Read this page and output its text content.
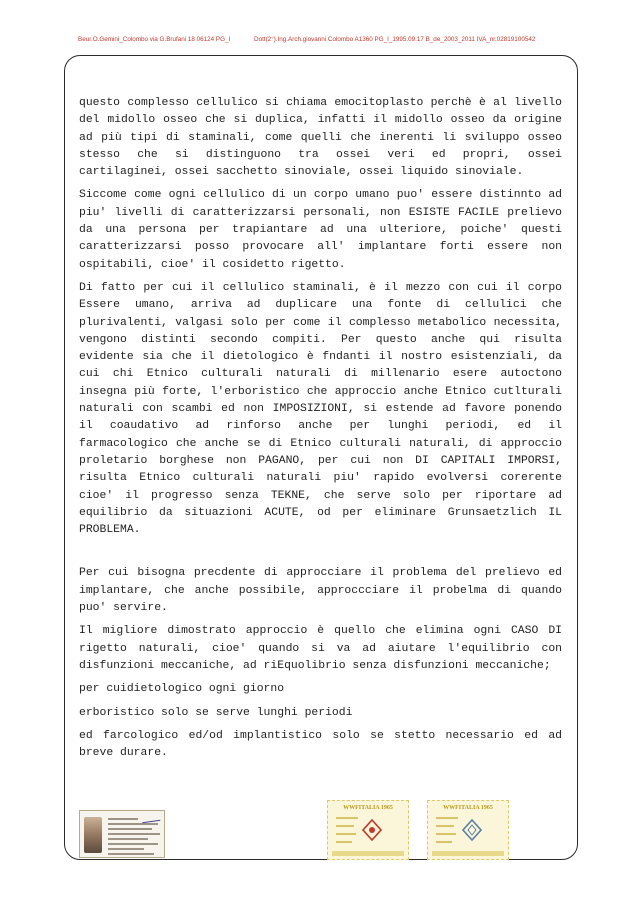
Beur.O.Gemini_Colombo via G.Brufani 18 06124 PG_I	Dott(2°).Ing.Arch.giovanni Colombo A1360 PG_I_1995.09.17 B_de_2003_2011 IVA_nr.02819100542

questo complesso cellulico si chiama emocitoplasto perchè è al livello del midollo osseo che si duplica, infatti il midollo osseo da origine ad più tipi di staminali, come quelli che inerenti li sviluppo osseo stesso che si distinguono tra ossei veri ed propri, ossei cartilaginei, ossei sacchetto sinoviale, ossei liquido sinoviale.

Siccome come ogni cellulico di un corpo umano puo' essere distinnto ad piu' livelli di caratterizzarsi personali, non ESISTE FACILE prelievo da una persona per trapiantare ad una ulteriore, poiche' questi caratterizzarsi posso provocare all' implantare forti essere non ospitabili, cioe' il cosidetto rigetto.

Di fatto per cui il cellulico staminali, è il mezzo con cui il corpo Essere umano, arriva ad duplicare una fonte di cellulici che plurivalenti, valgasi solo per come il complesso metabolico necessita, vengono distinti secondo compiti. Per questo anche qui risulta evidente sia che il dietologico è fndanti il nostro esistenziali, da cui chi Etnico culturali naturali di millenario esere autoctono insegna più forte, l'erboristico che approccio anche Etnico cutlturali naturali con scambi ed non IMPOSIZIONI, si estende ad favore ponendo il coaudativo ad rinforso anche per lunghi periodi, ed il farmacologico che anche se di Etnico culturali naturali, di approccio proletario borghese non PAGANO, per cui non DI CAPITALI IMPORSI, risulta Etnico culturali naturali piu' rapido evolversi corerente cioe' il progresso senza TEKNE, che serve solo per riportare ad equilibrio da situazioni ACUTE, od per eliminare Grunsaetzlich IL PROBLEMA.

Per cui bisogna precdente di approcciare il problema del prelievo ed implantare, che anche possibile, approccciare il probelma di quando puo' servire.

Il migliore dimostrato approccio è quello che elimina ogni CASO DI rigetto naturali, cioe' quando si va ad aiutare l'equilibrio con disfunzioni meccaniche, ad riEquolibrio senza disfunzioni meccaniche;

per cuidietologico ogni giorno

erboristico solo se serve lunghi periodi

ed farcologico ed/od implantistico solo se stetto necessario ed ad breve durare.

WWFITALIA 1965	WWFITALIA 1965
